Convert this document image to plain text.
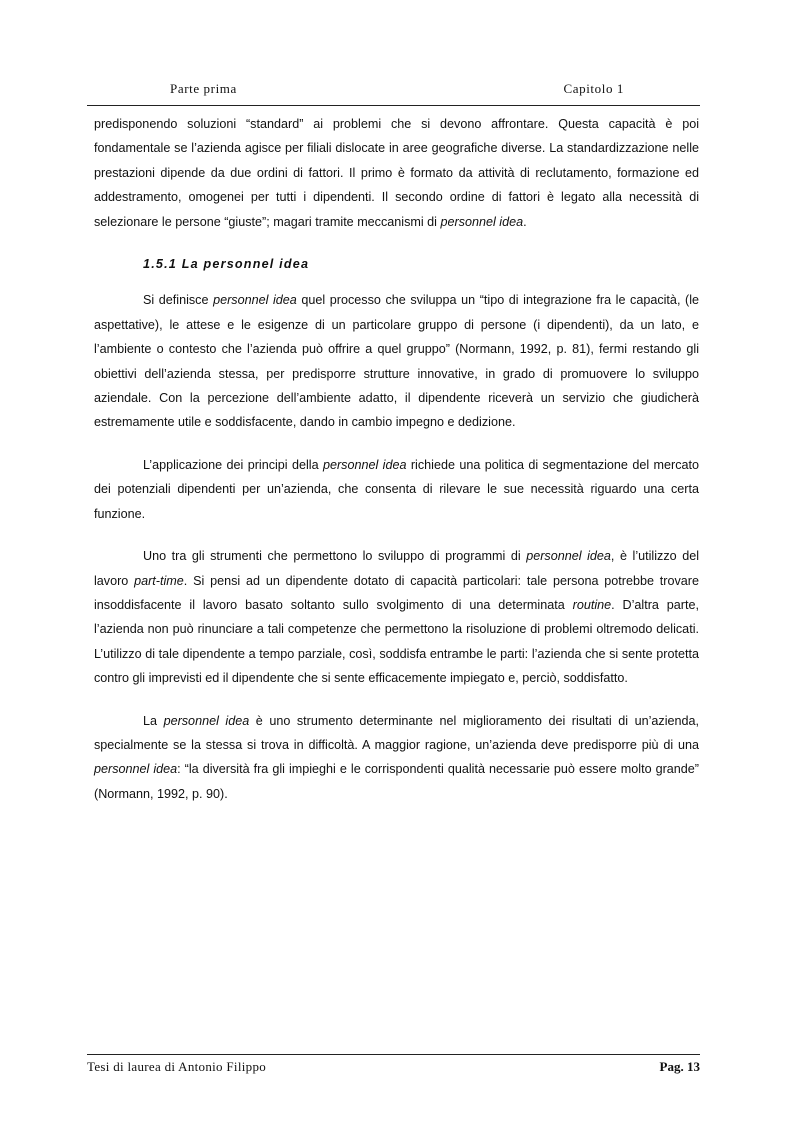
Parte prima	Capitolo 1

predisponendo soluzioni “standard” ai problemi che si devono affrontare. Questa capacità è poi fondamentale se l’azienda agisce per filiali dislocate in aree geografiche diverse. La standardizzazione nelle prestazioni dipende da due ordini di fattori. Il primo è formato da attività di reclutamento, formazione ed addestramento, omogenei per tutti i dipendenti. Il secondo ordine di fattori è legato alla necessità di selezionare le persone “giuste”; magari tramite meccanismi di personnel idea.

1.5.1 La personnel idea

Si definisce personnel idea quel processo che sviluppa un “tipo di integrazione fra le capacità, (le aspettative), le attese e le esigenze di un particolare gruppo di persone (i dipendenti), da un lato, e l’ambiente o contesto che l’azienda può offrire a quel gruppo” (Normann, 1992, p. 81), fermi restando gli obiettivi dell’azienda stessa, per predisporre strutture innovative, in grado di promuovere lo sviluppo aziendale. Con la percezione dell’ambiente adatto, il dipendente riceverà un servizio che giudicherà estremamente utile e soddisfacente, dando in cambio impegno e dedizione.

L’applicazione dei principi della personnel idea richiede una politica di segmentazione del mercato dei potenziali dipendenti per un’azienda, che consenta di rilevare le sue necessità riguardo una certa funzione.

Uno tra gli strumenti che permettono lo sviluppo di programmi di personnel idea, è l’utilizzo del lavoro part-time. Si pensi ad un dipendente dotato di capacità particolari: tale persona potrebbe trovare insoddisfacente il lavoro basato soltanto sullo svolgimento di una determinata routine. D’altra parte, l’azienda non può rinunciare a tali competenze che permettono la risoluzione di problemi oltremodo delicati. L’utilizzo di tale dipendente a tempo parziale, così, soddisfa entrambe le parti: l’azienda che si sente protetta contro gli imprevisti ed il dipendente che si sente efficacemente impiegato e, perciò, soddisfatto.

La personnel idea è uno strumento determinante nel miglioramento dei risultati di un’azienda, specialmente se la stessa si trova in difficoltà. A maggior ragione, un’azienda deve predisporre più di una personnel idea: “la diversità fra gli impieghi e le corrispondenti qualità necessarie può essere molto grande” (Normann, 1992, p. 90).

Tesi di laurea di Antonio Filippo	Pag. 13
